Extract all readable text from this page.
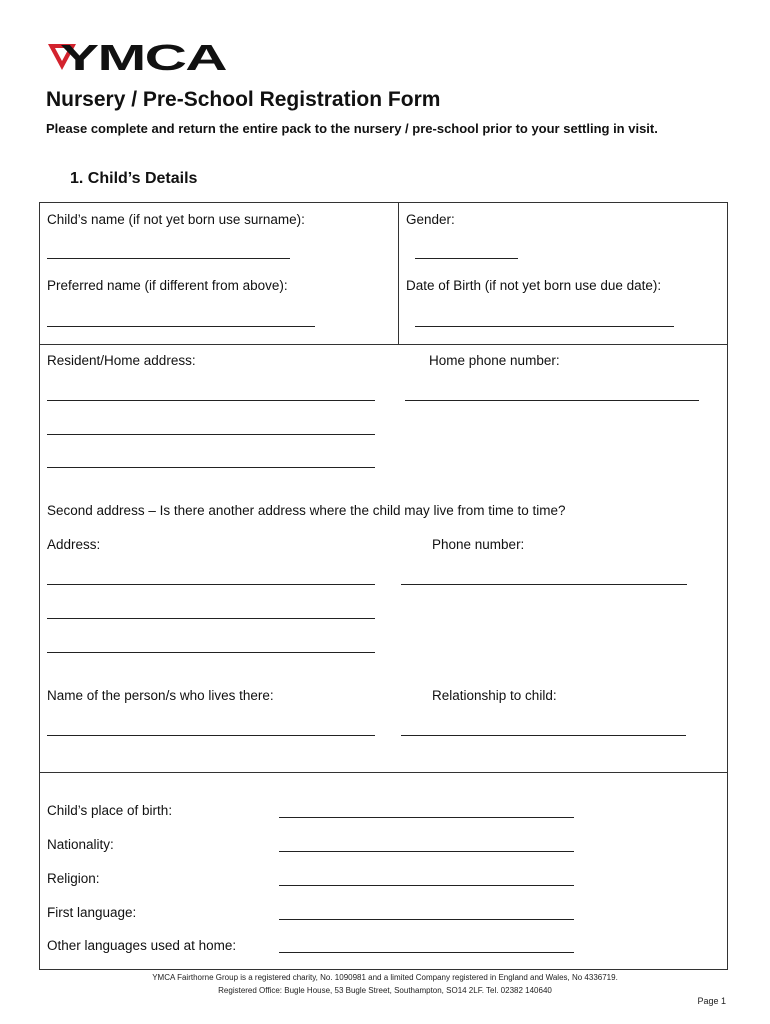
YMCA
Nursery / Pre-School Registration Form
Please complete and return the entire pack to the nursery / pre-school prior to your settling in visit.
1. Child’s Details
Child’s name (if not yet born use surname):	Gender:
Preferred name (if different from above):	Date of Birth (if not yet born use due date):
Resident/Home address:	Home phone number:
Second address – Is there another address where the child may live from time to time?
Address:	Phone number:
Name of the person/s who lives there:	Relationship to child:
Child’s place of birth:
Nationality:
Religion:
First language:
Other languages used at home:
YMCA Fairthorne Group is a registered charity, No. 1090981 and a limited Company registered in England and Wales, No 4336719.
Registered Office: Bugle House, 53 Bugle Street, Southampton, SO14 2LF. Tel. 02382 140640
Page 1
